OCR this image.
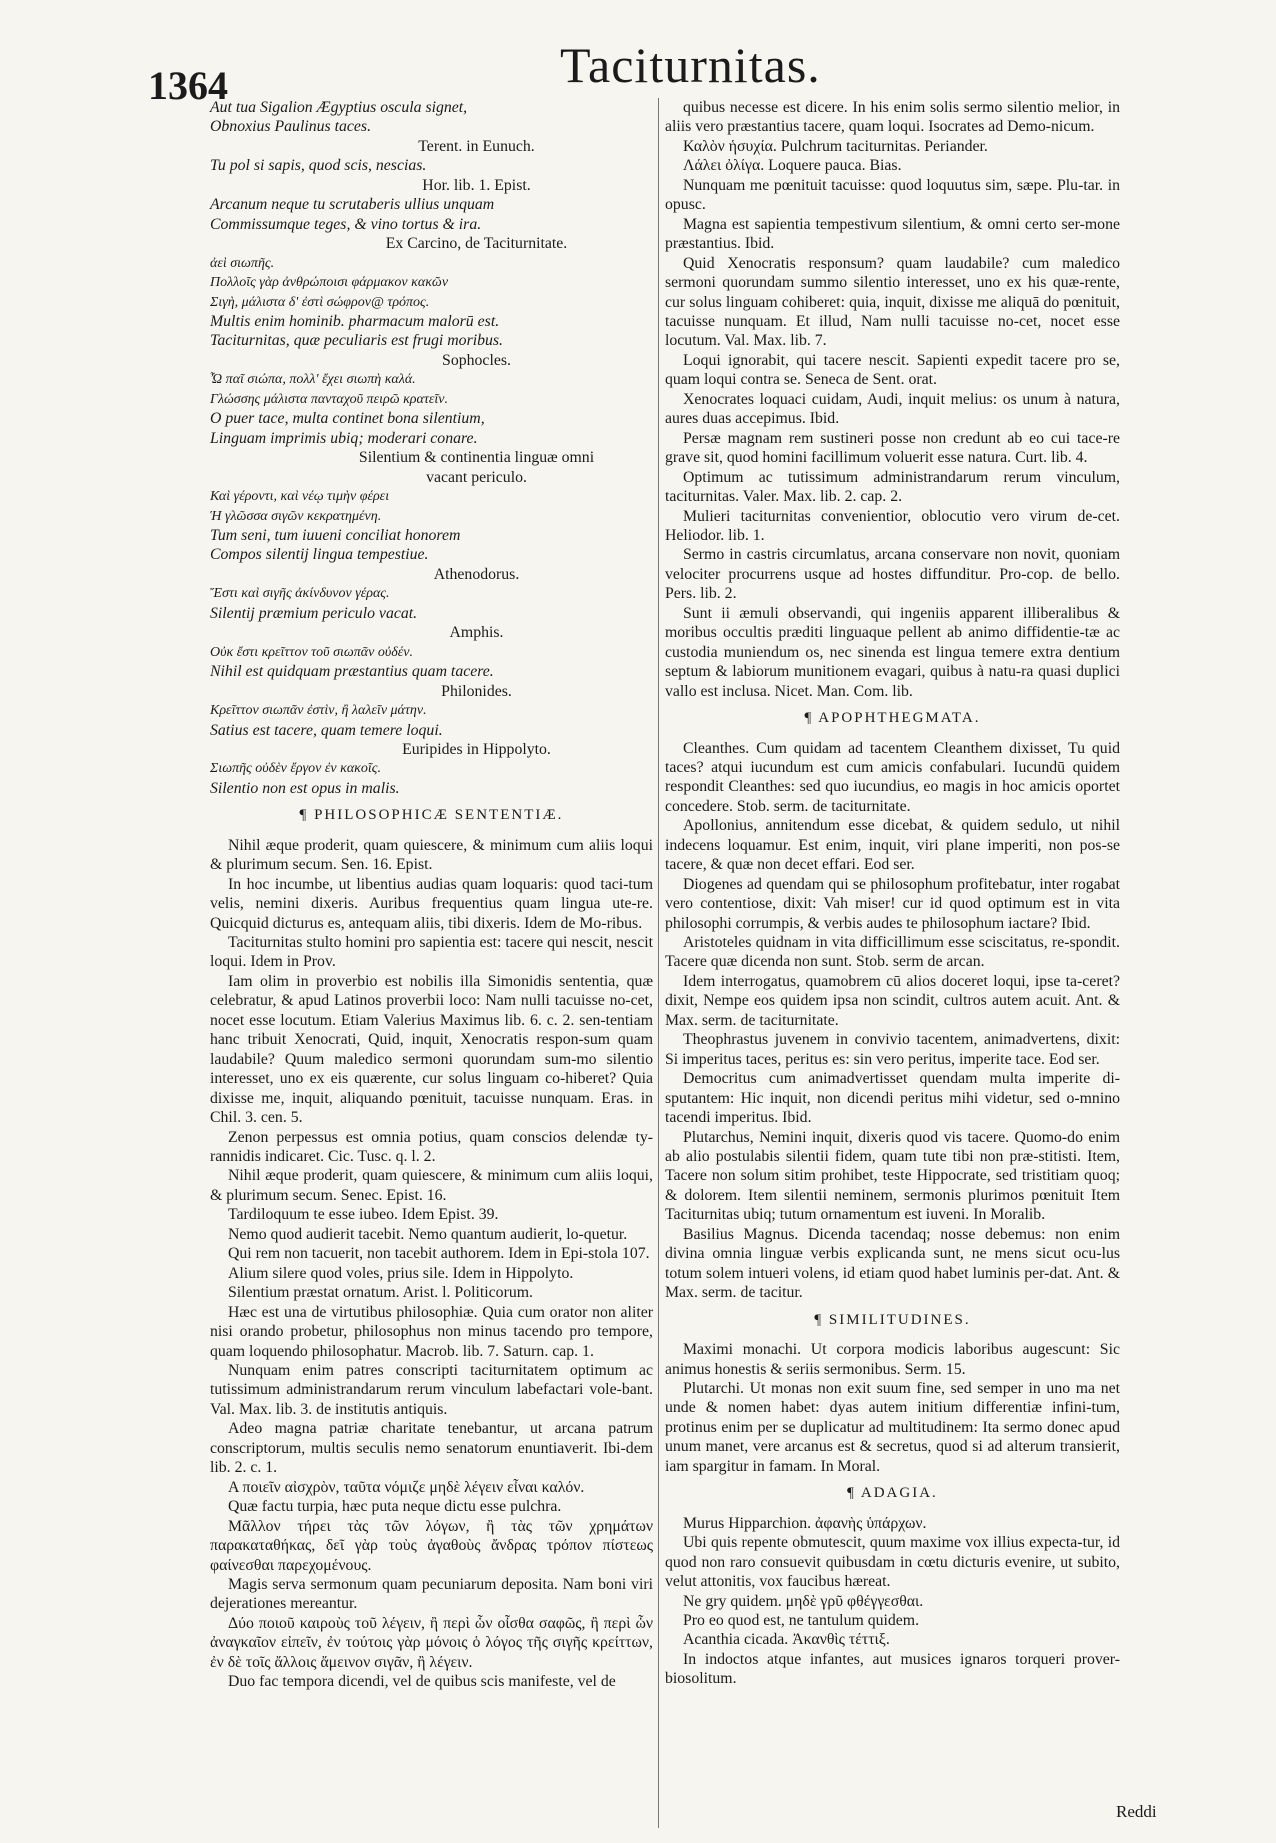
1364	Taciturnitas.
Aut tua Sigalion Ægyptius oscula signet,
Obnoxius Paulinus taces.
Terent. in Eunuch.
Tu pol si sapis, quod scis, nescias.
Hor. lib. 1. Epist.
Arcanum neque tu scrutaberis ullius unquam
Commissumque teges, & vino tortus & ira.
Ex Carcino, de Taciturnitate.
ἀεὶ σιωπῆς.
Πολλοῖς γὰρ ἀνθρώποισι φάρμακον κακῶν
Σιγὴ, μάλιστα δ' ἐστὶ σώφρον@ τρόπος.
Multis enim hominib. pharmacum malorū est.
Taciturnitas, quæ peculiaris est frugi moribus.
Sophocles.
Ὦ παῖ σιώπα, πολλ' ἔχει σιωπὴ καλά.
Γλώσσης μάλιστα πανταχοῦ πειρῶ κρατεῖν.
O puer tace, multa continet bona silentium,
Linguam imprimis ubiq; moderari conare.
Silentium & continentia linguæ omni
vacant periculo.
Καὶ γέροντι, καὶ νέῳ τιμὴν φέρει
Ἡ γλῶσσα σιγῶν κεκρατημένη.
Tum seni, tum iuueni conciliat honorem
Compos silentij lingua tempestiue.
Athenodorus.
Ἔστι καὶ σιγῆς ἀκίνδυνον γέρας.
Silentij præmium periculo vacat.
Amphis.
Οὐκ ἔστι κρεῖττον τοῦ σιωπᾶν οὐδέν.
Nihil est quidquam præstantius quam tacere.
Philonides.
Κρεῖττον σιωπᾶν ἐστὶν, ἢ λαλεῖν μάτην.
Satius est tacere, quam temere loqui.
Euripides in Hippolyto.
Σιωπῆς οὐδὲν ἔργον ἐν κακοῖς.
Silentio non est opus in malis.
¶ PHILOSOPHICÆ SENTENTIÆ.
Nihil æque proderit, quam quiescere, & minimum cum aliis loqui & plurimum secum. Sen. 16. Epist.
In hoc incumbe, ut libentius audias quam loquaris: quod taci-tum velis, nemini dixeris. Auribus frequentius quam lingua ute-re. Quicquid dicturus es, antequam aliis, tibi dixeris. Idem de Mo-ribus.
Taciturnitas stulto homini pro sapientia est: tacere qui nescit, nescit loqui. Idem in Prov.
Iam olim in proverbio est nobilis illa Simonidis sententia, quæ celebratur, & apud Latinos proverbii loco: Nam nulli tacuisse no-cet, nocet esse locutum. Etiam Valerius Maximus lib. 6. c. 2. sen-tentiam hanc tribuit Xenocrati, Quid, inquit, Xenocratis respon-sum quam laudabile? Quum maledico sermoni quorundam sum-mo silentio interesset, uno ex eis quærente, cur solus linguam co-hiberet? Quia dixisse me, inquit, aliquando pœnituit, tacuisse nunquam. Eras. in Chil. 3. cen. 5.
Zenon perpessus est omnia potius, quam conscios delendæ ty-rannidis indicaret. Cic. Tusc. q. l. 2.
Nihil æque proderit, quam quiescere, & minimum cum aliis loqui, & plurimum secum. Senec. Epist. 16.
Tardiloquum te esse iubeo. Idem Epist. 39.
Nemo quod audierit tacebit. Nemo quantum audierit, lo-quetur.
Qui rem non tacuerit, non tacebit authorem. Idem in Epi-stola 107.
Alium silere quod voles, prius sile. Idem in Hippolyto.
Silentium præstat ornatum. Arist. l. Politicorum.
Hæc est una de virtutibus philosophiæ. Quia cum orator non aliter nisi orando probetur, philosophus non minus tacendo pro tempore, quam loquendo philosophatur. Macrob. lib. 7. Saturn. cap. 1.
Nunquam enim patres conscripti taciturnitatem optimum ac tutissimum administrandarum rerum vinculum labefactari vole-bant. Val. Max. lib. 3. de institutis antiquis.
Adeo magna patriæ charitate tenebantur, ut arcana patrum conscriptorum, multis seculis nemo senatorum enuntiaverit. Ibi-dem lib. 2. c. 1.
Α ποιεῖν αἰσχρὸν, ταῦτα νόμιζε μηδὲ λέγειν εἶναι καλόν.
Quæ factu turpia, hæc puta neque dictu esse pulchra.
Μᾶλλον τήρει τὰς τῶν λόγων, ἢ τὰς τῶν χρημάτων παρακαταθήκας, δεῖ γὰρ τοὺς ἀγαθοὺς ἄνδρας τρόπον πίστεως φαίνεσθαι παρεχομένους.
Magis serva sermonum quam pecuniarum deposita. Nam boni viri dejerationes mereantur.
Δύο ποιοῦ καιροὺς τοῦ λέγειν, ἢ περὶ ὧν οἶσθα σαφῶς, ἢ περὶ ὧν ἀναγκαῖον εἰπεῖν, ἐν τούτοις γὰρ μόνοις ὁ λόγος τῆς σιγῆς κρείττων, ἐν δὲ τοῖς ἄλλοις ἄμεινον σιγᾶν, ἢ λέγειν.
Duo fac tempora dicendi, vel de quibus scis manifeste, vel de
quibus necesse est dicere. In his enim solis sermo silentio melior, in aliis vero præstantius tacere, quam loqui. Isocrates ad Demo-nicum.
Καλὸν ἡσυχία. Pulchrum taciturnitas. Periander.
Λάλει ὀλίγα. Loquere pauca. Bias.
Nunquam me pœnituit tacuisse: quod loquutus sim, sæpe. Plu-tar. in opusc.
Magna est sapientia tempestivum silentium, & omni certo ser-mone præstantius. Ibid.
Quid Xenocratis responsum? quam laudabile? cum maledico sermoni quorundam summo silentio interesset, uno ex his quæ-rente, cur solus linguam cohiberet: quia, inquit, dixisse me aliquā do pœnituit, tacuisse nunquam. Et illud, Nam nulli tacuisse no-cet, nocet esse locutum. Val. Max. lib. 7.
Loqui ignorabit, qui tacere nescit. Sapienti expedit tacere pro se, quam loqui contra se. Seneca de Sent. orat.
Xenocrates loquaci cuidam, Audi, inquit melius: os unum à natura, aures duas accepimus. Ibid.
Persæ magnam rem sustineri posse non credunt ab eo cui tace-re grave sit, quod homini facillimum voluerit esse natura. Curt. lib. 4.
Optimum ac tutissimum administrandarum rerum vinculum, taciturnitas. Valer. Max. lib. 2. cap. 2.
Mulieri taciturnitas convenientior, oblocutio vero virum de-cet. Heliodor. lib. 1.
Sermo in castris circumlatus, arcana conservare non novit, quoniam velociter procurrens usque ad hostes diffunditur. Pro-cop. de bello. Pers. lib. 2.
Sunt ii æmuli observandi, qui ingeniis apparent illiberalibus & moribus occultis præditi linguaque pellent ab animo diffidentie-tæ ac custodia muniendum os, nec sinenda est lingua temere extra dentium septum & labiorum munitionem evagari, quibus à natu-ra quasi duplici vallo est inclusa. Nicet. Man. Com. lib.
¶ APOPHTHEGMATA.
Cleanthes. Cum quidam ad tacentem Cleanthem dixisset, Tu quid taces? atqui iucundum est cum amicis confabulari. Iucundū quidem respondit Cleanthes: sed quo iucundius, eo magis in hoc amicis oportet concedere. Stob. serm. de taciturnitate.
Apollonius, annitendum esse dicebat, & quidem sedulo, ut nihil indecens loquamur. Est enim, inquit, viri plane imperiti, non pos-se tacere, & quæ non decet effari. Eod ser.
Diogenes ad quendam qui se philosophum profitebatur, inter rogabat vero contentiose, dixit: Vah miser! cur id quod optimum est in vita philosophi corrumpis, & verbis audes te philosophum iactare? Ibid.
Aristoteles quidnam in vita difficillimum esse sciscitatus, re-spondit. Tacere quæ dicenda non sunt. Stob. serm de arcan.
Idem interrogatus, quamobrem cū alios doceret loqui, ipse ta-ceret? dixit, Nempe eos quidem ipsa non scindit, cultros autem acuit. Ant. & Max. serm. de taciturnitate.
Theophrastus juvenem in convivio tacentem, animadvertens, dixit: Si imperitus taces, peritus es: sin vero peritus, imperite tace. Eod ser.
Democritus cum animadvertisset quendam multa imperite di-sputantem: Hic inquit, non dicendi peritus mihi videtur, sed o-mnino tacendi imperitus. Ibid.
Plutarchus, Nemini inquit, dixeris quod vis tacere. Quomo-do enim ab alio postulabis silentii fidem, quam tute tibi non præ-stitisti. Item, Tacere non solum sitim prohibet, teste Hippocrate, sed tristitiam quoq; & dolorem. Item silentii neminem, sermonis plurimos pœnituit Item Taciturnitas ubiq; tutum ornamentum est iuveni. In Moralib.
Basilius Magnus. Dicenda tacendaq; nosse debemus: non enim divina omnia linguæ verbis explicanda sunt, ne mens sicut ocu-lus totum solem intueri volens, id etiam quod habet luminis per-dat. Ant. & Max. serm. de tacitur.
¶ SIMILITUDINES.
Maximi monachi. Ut corpora modicis laboribus augescunt: Sic animus honestis & seriis sermonibus. Serm. 15.
Plutarchi. Ut monas non exit suum fine, sed semper in uno ma net unde & nomen habet: dyas autem initium differentiæ infini-tum, protinus enim per se duplicatur ad multitudinem: Ita sermo donec apud unum manet, vere arcanus est & secretus, quod si ad alterum transierit, iam spargitur in famam. In Moral.
¶ ADAGIA.
Murus Hipparchion. ἀφανὴς ὑπάρχων.
Ubi quis repente obmutescit, quum maxime vox illius expecta-tur, id quod non raro consuevit quibusdam in cœtu dicturis evenire, ut subito, velut attonitis, vox faucibus hæreat.
Ne gry quidem. μηδὲ γρῦ φθέγγεσθαι.
Pro eo quod est, ne tantulum quidem.
Acanthia cicada. Ἀκανθὶς τέττιξ.
In indoctos atque infantes, aut musices ignaros torqueri prover-biosolitum.
Reddi
